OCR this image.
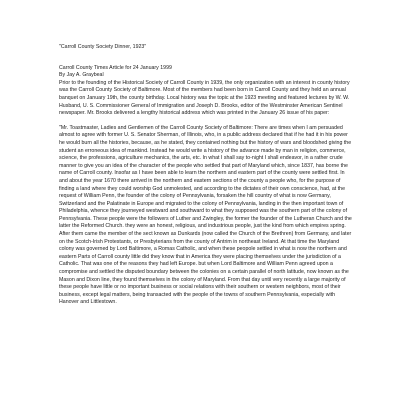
"Carroll County Society Dinner, 1923"

Carroll County Times Article for 24 January 1999

By Jay A. Graybeal

Prior to the founding of the Historical Society of Carroll County in 1939, the only organization with an interest in county history was the Carroll County Society of Baltimore. Most of the members had been born in Carroll County and they held an annual banquet on January 19th, the county birthday. Local history was the topic at the 1923 meeting and featured lectures by W. W. Husband, U. S. Commissioner General of Immigration and Joseph D. Brooks, editor of the Westminster American Sentinel newspaper. Mr. Brooks delivered a lengthy historical address which was printed in the January 26 issue of his paper:

"Mr. Toastmaster, Ladies and Gentlemen of the Carroll County Society of Baltimore: There are times when I am persuaded almost to agree with former U. S. Senator Sherman, of Illinois, who, in a public address declared that if he had it in his power he would burn all the histories, because, as he stated, they contained nothing but the history of wars and bloodshed giving the student an erroneous idea of mankind. Instead he would write a history of the advance made by man in religion, commerce, science, the professions, agriculture mechanics, the arts, etc. In what I shall say to-night I shall endeavor, in a rather crude manner to give you an idea of the character of the people who settled that part of Maryland which, since 1837, has borne the name of Carroll county. Insofar as I have been able to learn the northern and eastern part of the county were settled first. In and about the year 1670 there arrived in the northern and eastern sections of the county a people who, for the purpose of finding a land where they could worship God unmolested, and according to the dictates of their own conscience, had, at the request of William Penn, the founder of the colony of Pennsylvania, forsaken the hill country of what is now Germany, Switzerland and the Palatinate in Europe and migrated to the colony of Pennsylvania, landing in the then important town of Philadelphia, whence they journeyed westward and southward to what they supposed was the southern part of the colony of Pennsylvania. These people were the followers of Luther and Zwingley, the former the founder of the Lutheran Church and the latter the Reformed Church. they were an honest, religious, and industrious people, just the kind from which empires spring. After them came the member of the sect known as Dunkards (now called the Church of the Brethren) from Germany, and later on the Scotch-Irish Protestants, or Presbyterians from the county of Antrim in northeast Ireland. At that time the Maryland colony was governed by Lord Baltimore, a Romas Catholic, and when these peopole settled in what is now the northern and eastern Parts of Carroll county little did they know that in America they were placing themselves under the jurisdiction of a Catholic. That was one of the reasons they had left Europe. but when Lord Baltimore and William Penn agreed upon a compromise and settled the disputed boundary between the colonies on a certain parallel of north latitude, now known as the Mason and Dixon line, they found themselves in the colony of Maryland. From that day until very recently a large majority of these people have little or no important business or social relations with their southern or western neighbors, most of their business, except legal matters, being transacted with the people of the towns of southern Pennsylvania, especially with Hanover and Littlestown.
